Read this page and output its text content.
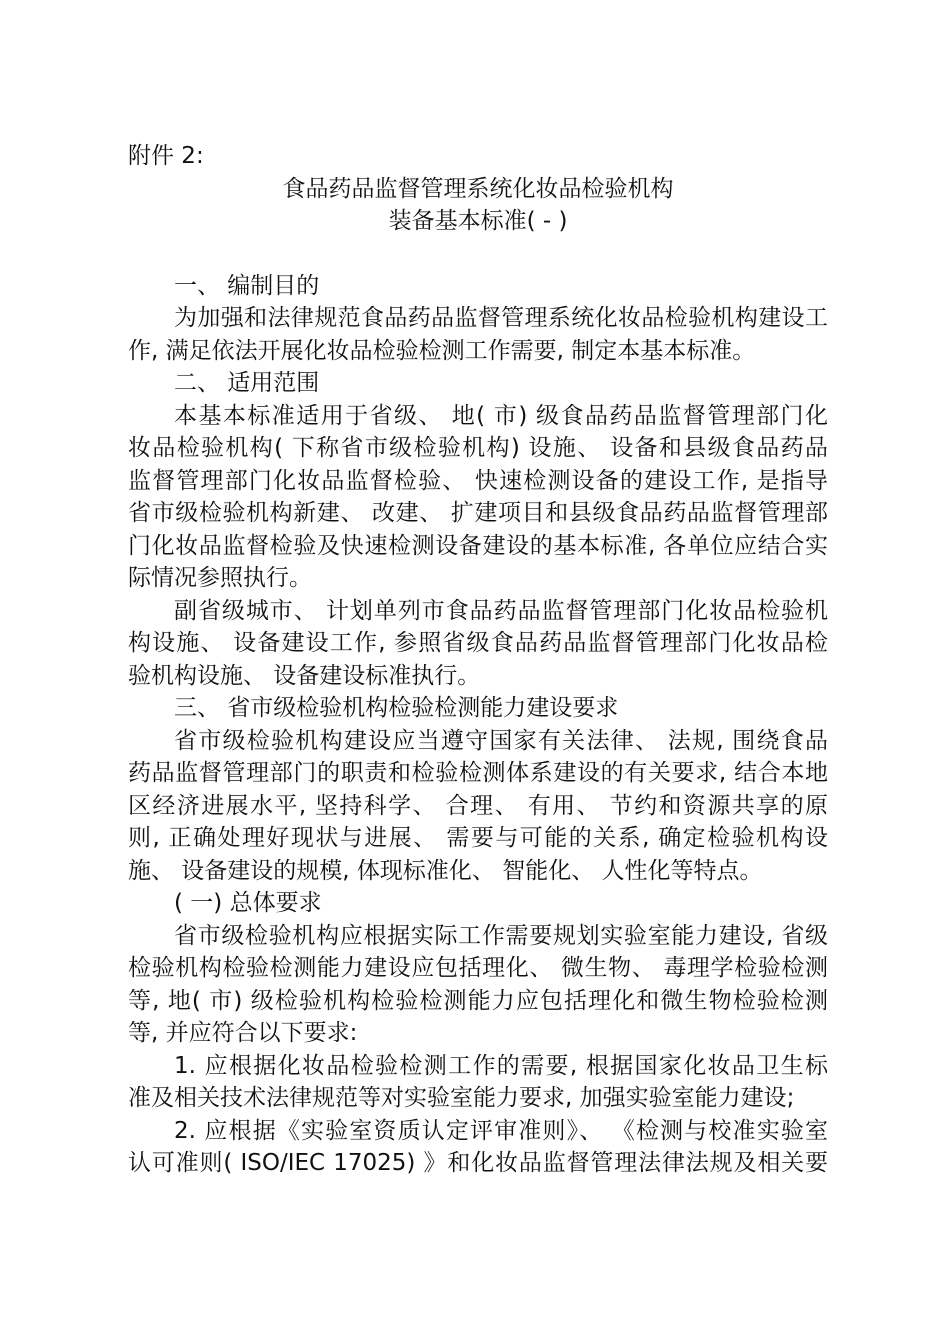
附件 2:
食品药品监督管理系统化妆品检验机构
装备基本标准( - )
一、 编制目的
为加强和法律规范食品药品监督管理系统化妆品检验机构建设工
作, 满足依法开展化妆品检验检测工作需要, 制定本基本标准。
二、 适用范围
本基本标准适用于省级、 地( 市) 级食品药品监督管理部门化
妆品检验机构( 下称省市级检验机构) 设施、 设备和县级食品药品
监督管理部门化妆品监督检验、 快速检测设备的建设工作, 是指导
省市级检验机构新建、 改建、 扩建项目和县级食品药品监督管理部
门化妆品监督检验及快速检测设备建设的基本标准, 各单位应结合实
际情况参照执行。
副省级城市、 计划单列市食品药品监督管理部门化妆品检验机
构设施、 设备建设工作, 参照省级食品药品监督管理部门化妆品检
验机构设施、 设备建设标准执行。
三、 省市级检验机构检验检测能力建设要求
省市级检验机构建设应当遵守国家有关法律、 法规, 围绕食品
药品监督管理部门的职责和检验检测体系建设的有关要求, 结合本地
区经济进展水平, 坚持科学、 合理、 有用、 节约和资源共享的原
则, 正确处理好现状与进展、 需要与可能的关系, 确定检验机构设
施、 设备建设的规模, 体现标准化、 智能化、 人性化等特点。
( 一) 总体要求
省市级检验机构应根据实际工作需要规划实验室能力建设, 省级
检验机构检验检测能力建设应包括理化、 微生物、 毒理学检验检测
等, 地( 市) 级检验机构检验检测能力应包括理化和微生物检验检测
等, 并应符合以下要求:
1. 应根据化妆品检验检测工作的需要, 根据国家化妆品卫生标
准及相关技术法律规范等对实验室能力要求, 加强实验室能力建设;
2. 应根据《实验室资质认定评审准则》、 《检测与校准实验室
认可准则( ISO/IEC 17025) 》和化妆品监督管理法律法规及相关要
